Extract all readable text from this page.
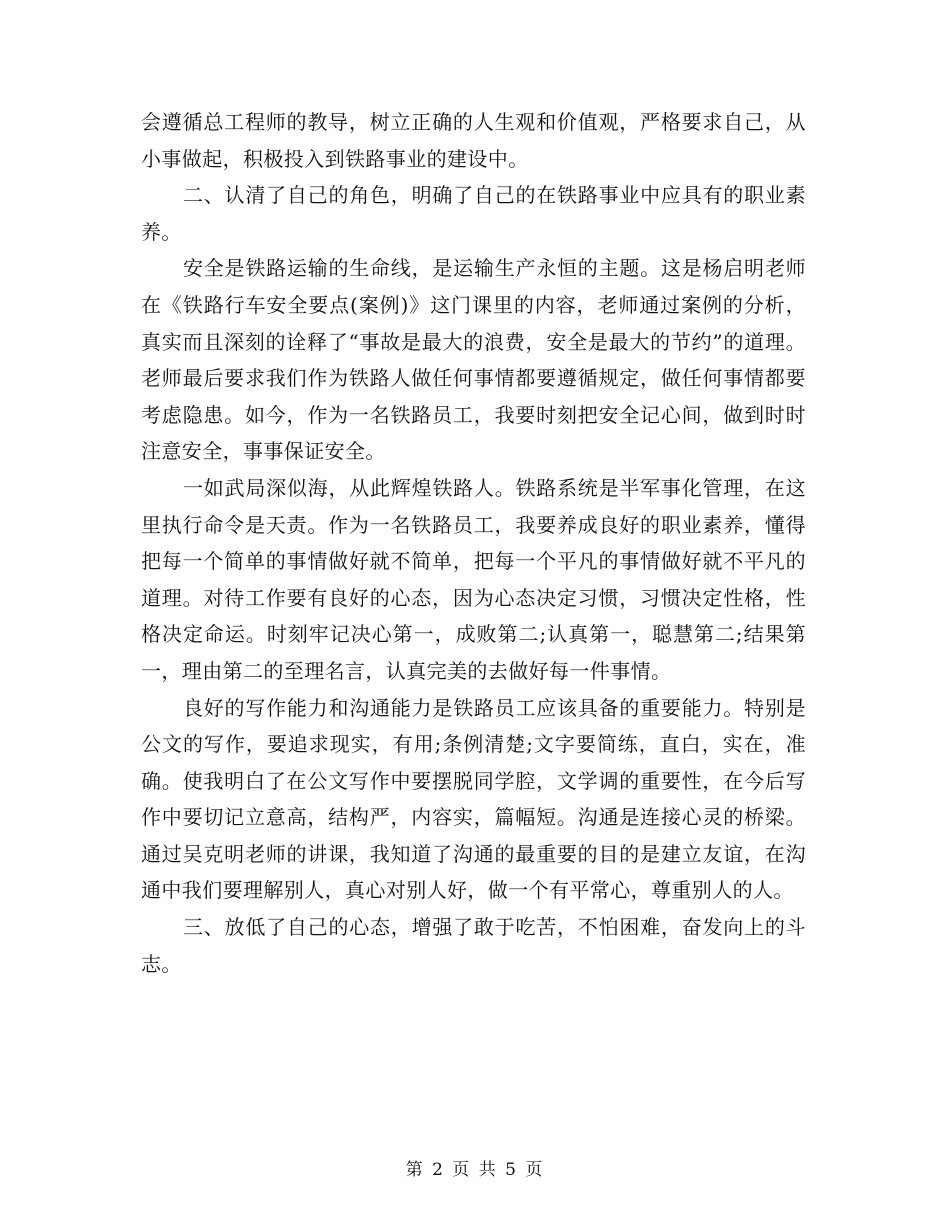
会遵循总工程师的教导，树立正确的人生观和价值观，严格要求自己，从小事做起，积极投入到铁路事业的建设中。

二、认清了自己的角色，明确了自己的在铁路事业中应具有的职业素养。

安全是铁路运输的生命线，是运输生产永恒的主题。这是杨启明老师在《铁路行车安全要点(案例)》这门课里的内容，老师通过案例的分析，真实而且深刻的诠释了“事故是最大的浪费，安全是最大的节约”的道理。老师最后要求我们作为铁路人做任何事情都要遵循规定，做任何事情都要考虑隐患。如今，作为一名铁路员工，我要时刻把安全记心间，做到时时注意安全，事事保证安全。

一如武局深似海，从此辉煌铁路人。铁路系统是半军事化管理，在这里执行命令是天责。作为一名铁路员工，我要养成良好的职业素养，懂得把每一个简单的事情做好就不简单，把每一个平凡的事情做好就不平凡的道理。对待工作要有良好的心态，因为心态决定习惯，习惯决定性格，性格决定命运。时刻牢记决心第一，成败第二;认真第一，聪慧第二;结果第一，理由第二的至理名言，认真完美的去做好每一件事情。

良好的写作能力和沟通能力是铁路员工应该具备的重要能力。特别是公文的写作，要追求现实，有用;条例清楚;文字要简练，直白，实在，准确。使我明白了在公文写作中要摆脱同学腔，文学调的重要性，在今后写作中要切记立意高，结构严，内容实，篇幅短。沟通是连接心灵的桥梁。通过吴克明老师的讲课，我知道了沟通的最重要的目的是建立友谊，在沟通中我们要理解别人，真心对别人好，做一个有平常心，尊重别人的人。

三、放低了自己的心态，增强了敢于吃苦，不怕困难，奋发向上的斗志。

第 2 页 共 5 页
